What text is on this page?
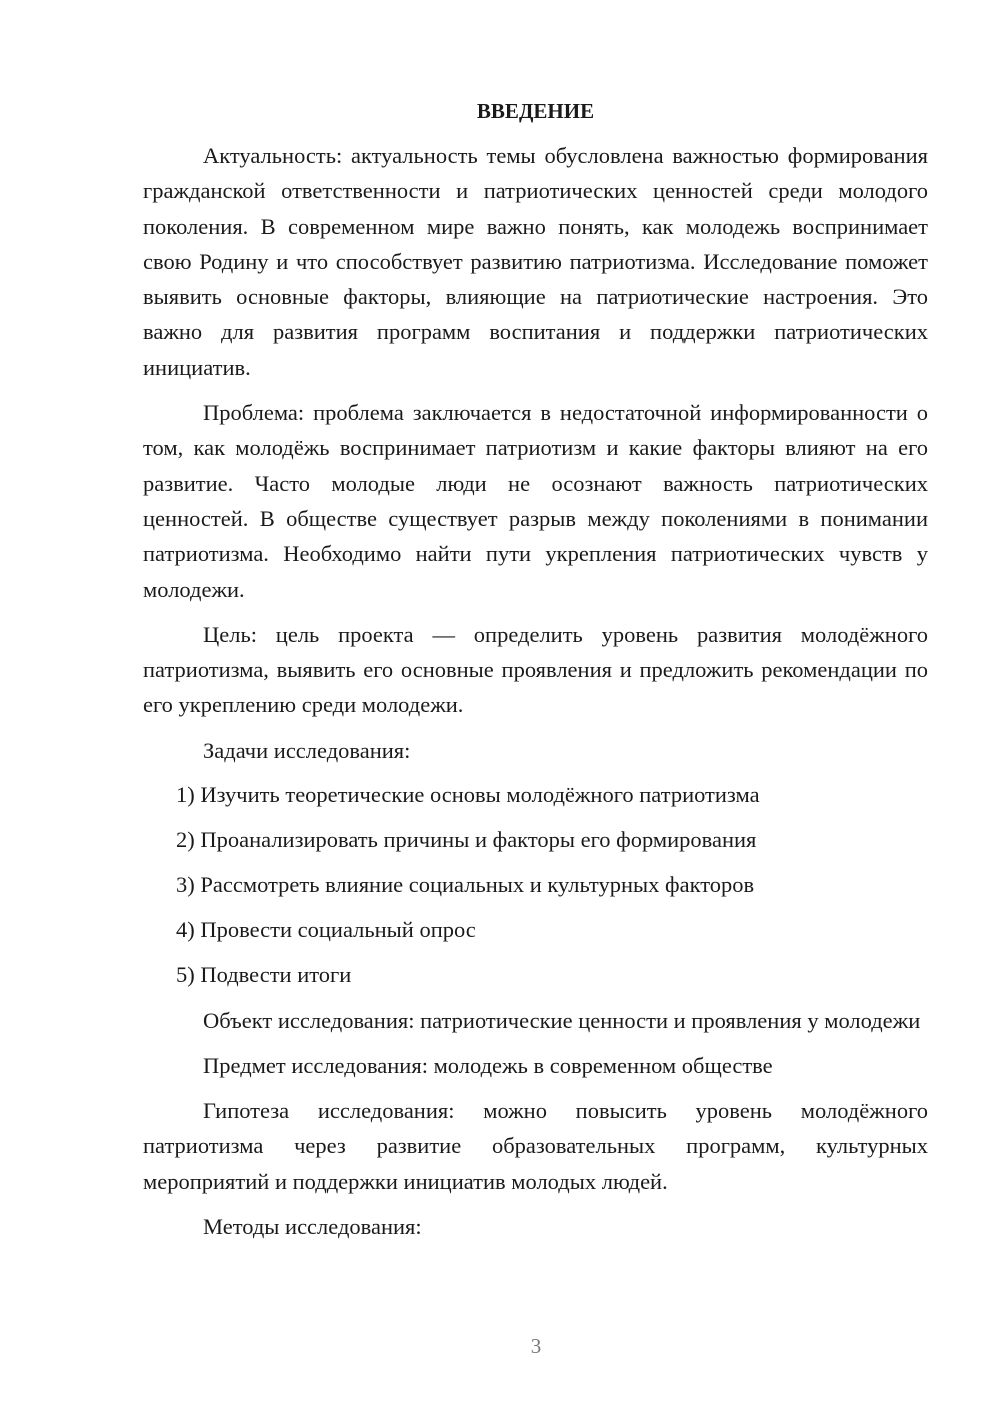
ВВЕДЕНИЕ

Актуальность: актуальность темы обусловлена важностью формирования гражданской ответственности и патриотических ценностей среди молодого поколения. В современном мире важно понять, как молодежь воспринимает свою Родину и что способствует развитию патриотизма. Исследование поможет выявить основные факторы, влияющие на патриотические настроения. Это важно для развития программ воспитания и поддержки патриотических инициатив.

Проблема: проблема заключается в недостаточной информированности о том, как молодёжь воспринимает патриотизм и какие факторы влияют на его развитие. Часто молодые люди не осознают важность патриотических ценностей. В обществе существует разрыв между поколениями в понимании патриотизма. Необходимо найти пути укрепления патриотических чувств у молодежи.

Цель: цель проекта — определить уровень развития молодёжного патриотизма, выявить его основные проявления и предложить рекомендации по его укреплению среди молодежи.

Задачи исследования:

1) Изучить теоретические основы молодёжного патриотизма
2) Проанализировать причины и факторы его формирования
3) Рассмотреть влияние социальных и культурных факторов
4) Провести социальный опрос
5) Подвести итоги

Объект исследования: патриотические ценности и проявления у молодежи

Предмет исследования: молодежь в современном обществе

Гипотеза исследования: можно повысить уровень молодёжного патриотизма через развитие образовательных программ, культурных мероприятий и поддержки инициатив молодых людей.

Методы исследования:

3
